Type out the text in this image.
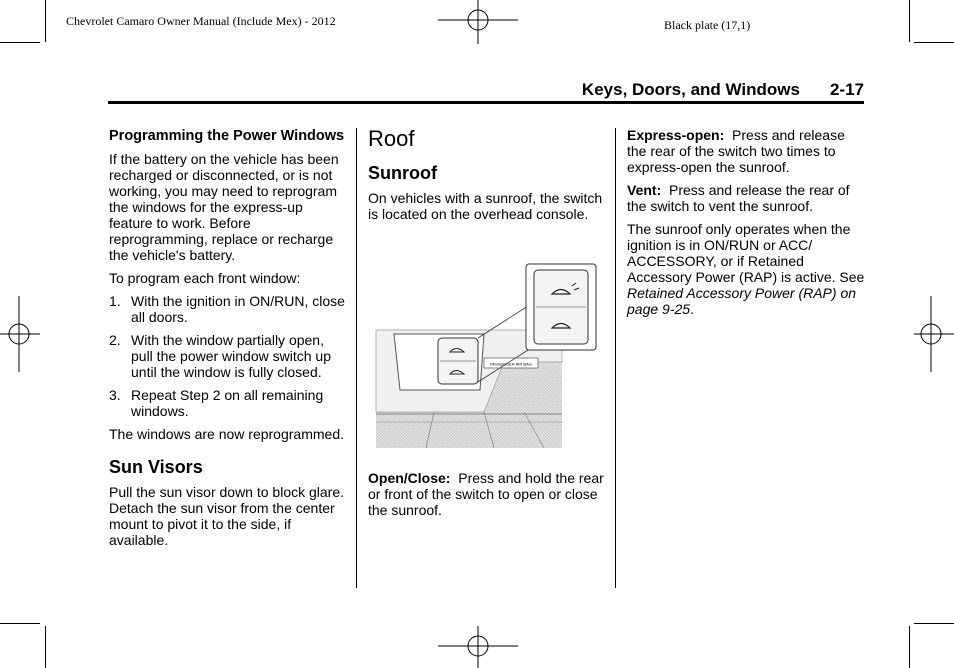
Chevrolet Camaro Owner Manual (Include Mex) - 2012	Black plate (17,1)
Keys, Doors, and Windows 2-17
Programming the Power Windows

If the battery on the vehicle has been recharged or disconnected, or is not working, you may need to reprogram the windows for the express-up feature to work. Before reprogramming, replace or recharge the vehicle's battery.

To program each front window:

1. With the ignition in ON/RUN, close all doors.
2. With the window partially open, pull the power window switch up until the window is fully closed.
3. Repeat Step 2 on all remaining windows.

The windows are now reprogrammed.

Sun Visors

Pull the sun visor down to block glare. Detach the sun visor from the center mount to pivot it to the side, if available.

Roof
Sunroof

On vehicles with a sunroof, the switch is located on the overhead console.

PASSENGER AIR BAG

Open/Close: Press and hold the rear or front of the switch to open or close the sunroof.

Express-open: Press and release the rear of the switch two times to express-open the sunroof.

Vent: Press and release the rear of the switch to vent the sunroof.

The sunroof only operates when the ignition is in ON/RUN or ACC/ ACCESSORY, or if Retained Accessory Power (RAP) is active. See Retained Accessory Power (RAP) on page 9-25.
